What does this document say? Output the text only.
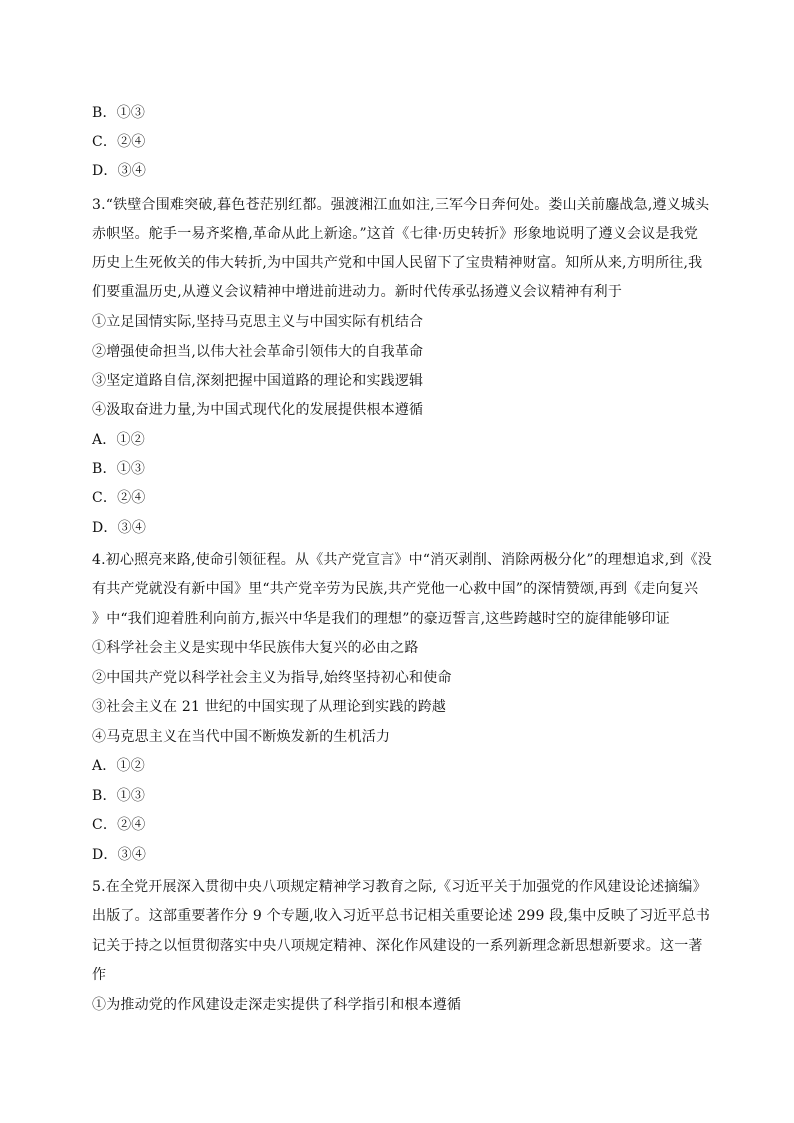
B．①③
C．②④
D．③④
3.“铁壁合围难突破,暮色苍茫别红都。强渡湘江血如注,三军今日奔何处。娄山关前鏖战急,遵义城头
赤帜坚。舵手一易齐桨橹,革命从此上新途。”这首《七律·历史转折》形象地说明了遵义会议是我党
历史上生死攸关的伟大转折,为中国共产党和中国人民留下了宝贵精神财富。知所从来,方明所往,我
们要重温历史,从遵义会议精神中增进前进动力。新时代传承弘扬遵义会议精神有利于
①立足国情实际,坚持马克思主义与中国实际有机结合
②增强使命担当,以伟大社会革命引领伟大的自我革命
③坚定道路自信,深刻把握中国道路的理论和实践逻辑
④汲取奋进力量,为中国式现代化的发展提供根本遵循
A．①②
B．①③
C．②④
D．③④
4.初心照亮来路,使命引领征程。从《共产党宣言》中“消灭剥削、消除两极分化”的理想追求,到《没
有共产党就没有新中国》里“共产党辛劳为民族,共产党他一心救中国”的深情赞颂,再到《走向复兴
》中“我们迎着胜利向前方,振兴中华是我们的理想”的豪迈誓言,这些跨越时空的旋律能够印证
①科学社会主义是实现中华民族伟大复兴的必由之路
②中国共产党以科学社会主义为指导,始终坚持初心和使命
③社会主义在 21 世纪的中国实现了从理论到实践的跨越
④马克思主义在当代中国不断焕发新的生机活力
A．①②
B．①③
C．②④
D．③④
5.在全党开展深入贯彻中央八项规定精神学习教育之际,《习近平关于加强党的作风建设论述摘编》
出版了。这部重要著作分 9 个专题,收入习近平总书记相关重要论述 299 段,集中反映了习近平总书
记关于持之以恒贯彻落实中央八项规定精神、深化作风建设的一系列新理念新思想新要求。这一著
作
①为推动党的作风建设走深走实提供了科学指引和根本遵循
